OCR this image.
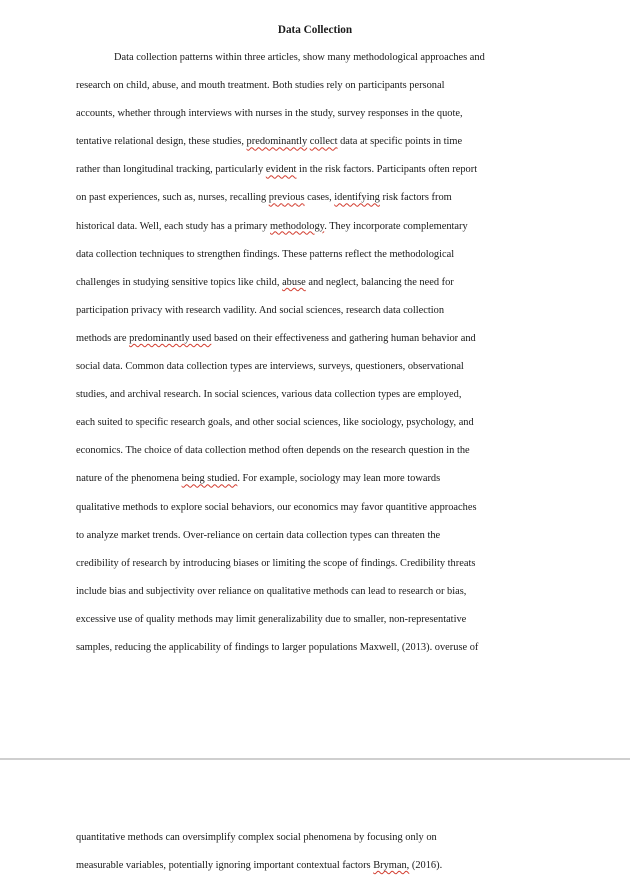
Data Collection
Data collection patterns within three articles, show many methodological approaches and
research on child, abuse, and mouth treatment. Both studies rely on participants personal
accounts, whether through interviews with nurses in the study, survey responses in the quote,
tentative relational design, these studies, predominantly collect data at specific points in time
rather than longitudinal tracking, particularly evident in the risk factors. Participants often report
on past experiences, such as, nurses, recalling previous cases, identifying risk factors from
historical data. Well, each study has a primary methodology. They incorporate complementary
data collection techniques to strengthen findings. These patterns reflect the methodological
challenges in studying sensitive topics like child, abuse and neglect, balancing the need for
participation privacy with research vadility. And social sciences, research data collection
methods are predominantly used based on their effectiveness and gathering human behavior and
social data. Common data collection types are interviews, surveys, questioners, observational
studies, and archival research. In social sciences, various data collection types are employed,
each suited to specific research goals, and other social sciences, like sociology, psychology, and
economics. The choice of data collection method often depends on the research question in the
nature of the phenomena being studied. For example, sociology may lean more towards
qualitative methods to explore social behaviors, our economics may favor quantitive approaches
to analyze market trends. Over-reliance on certain data collection types can threaten the
credibility of research by introducing biases or limiting the scope of findings. Credibility threats
include bias and subjectivity over reliance on qualitative methods can lead to research or bias,
excessive use of quality methods may limit generalizability due to smaller, non-representative
samples, reducing the applicability of findings to larger populations Maxwell, (2013). overuse of
quantitative methods can oversimplify complex social phenomena by focusing only on
measurable variables, potentially ignoring important contextual factors Bryman, (2016).
